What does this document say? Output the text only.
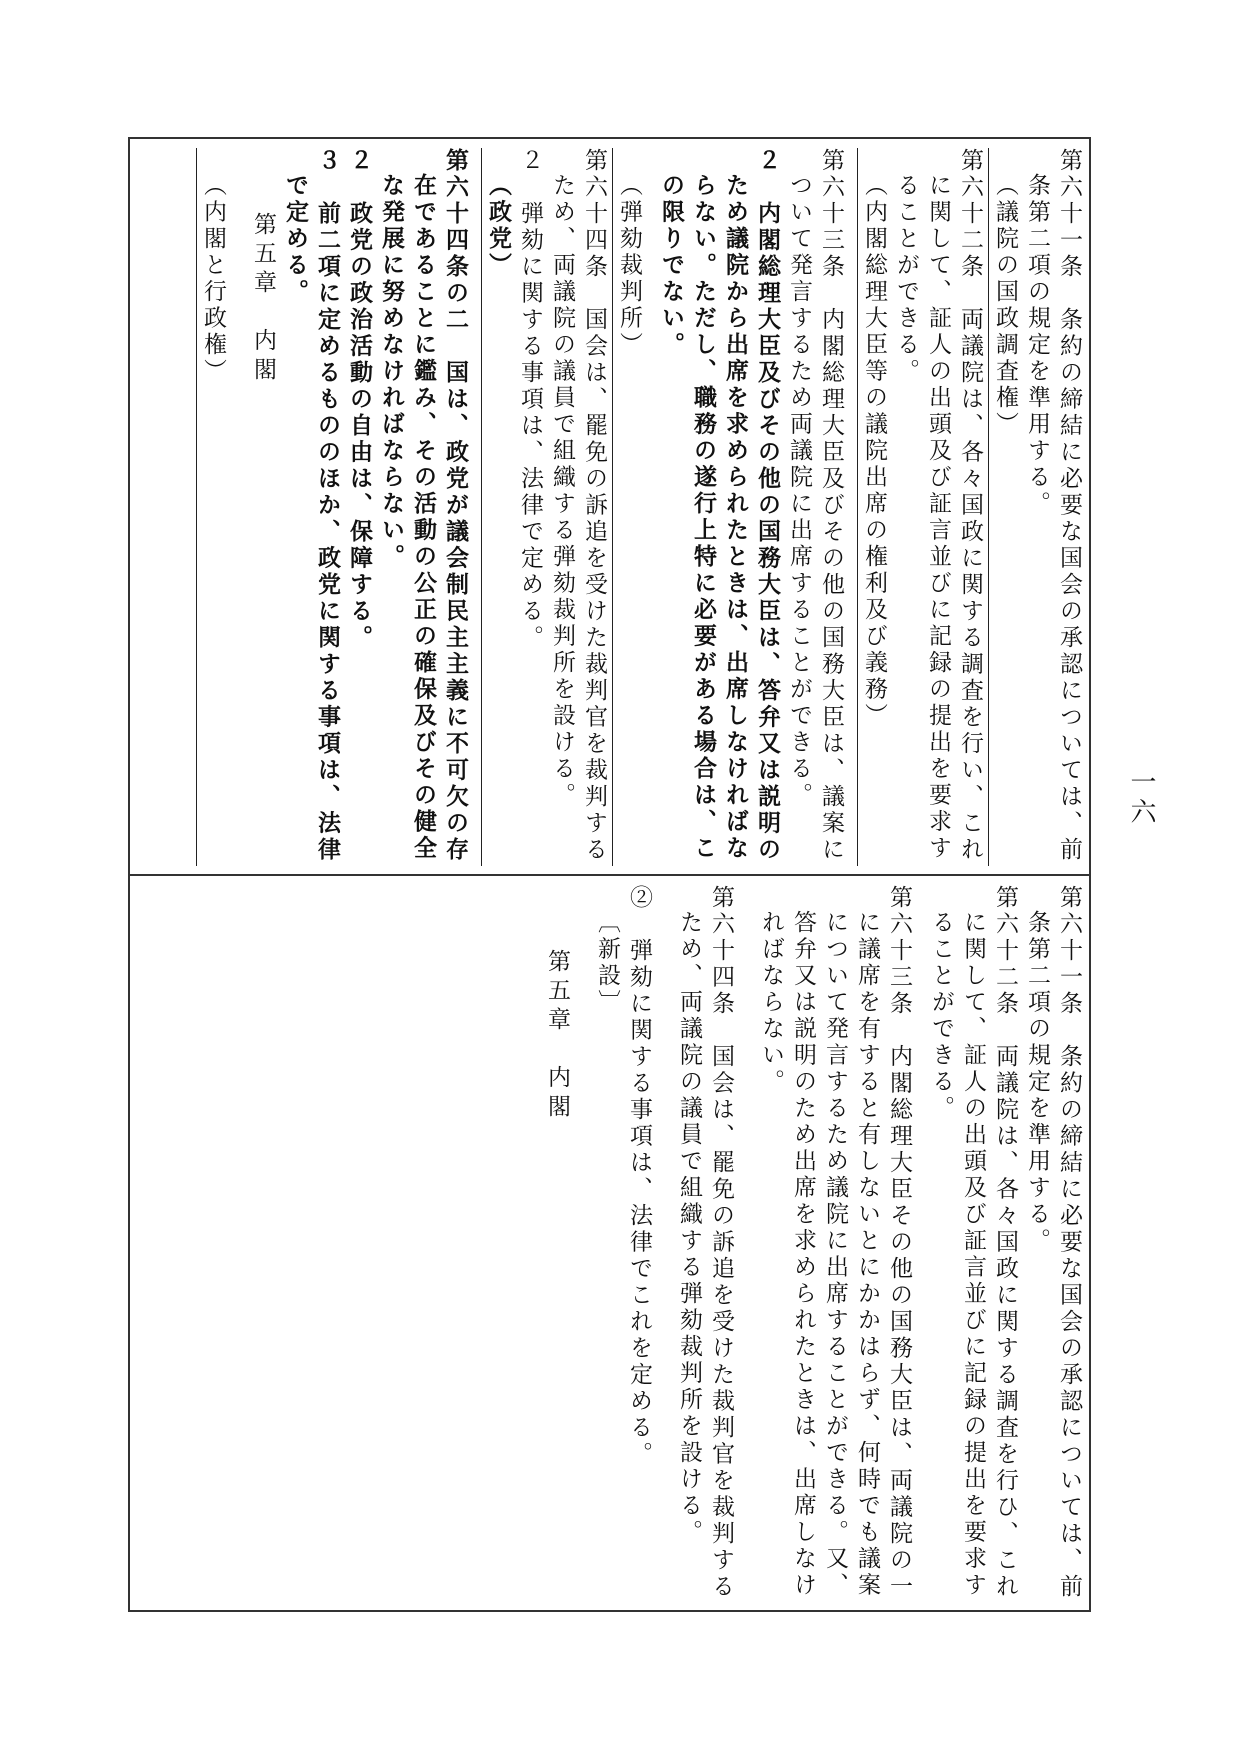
一六
第六十一条　条約の締結に必要な国会の承認については、前条第二項の規定を準用する。
（議院の国政調査権）
第六十二条　両議院は、各々国政に関する調査を行い、これに関して、証人の出頭及び証言並びに記録の提出を要求することができる。
（内閣総理大臣等の議院出席の権利及び義務）
第六十三条　内閣総理大臣及びその他の国務大臣は、議案について発言するため両議院に出席することができる。
２　内閣総理大臣及びその他の国務大臣は、答弁又は説明のため議院から出席を求められたときは、出席しなければならない。ただし、職務の遂行上特に必要がある場合は、この限りでない。
（弾劾裁判所）
第六十四条　国会は、罷免の訴追を受けた裁判官を裁判するため、両議院の議員で組織する弾劾裁判所を設ける。
２　弾劾に関する事項は、法律で定める。
（政党）
第六十四条の二　国は、政党が議会制民主主義に不可欠の存在であることに鑑み、その活動の公正の確保及びその健全な発展に努めなければならない。
２　政党の政治活動の自由は、保障する。
３　前二項に定めるもののほか、政党に関する事項は、法律で定める。
第五章　内閣
（内閣と行政権）
第六十一条　条約の締結に必要な国会の承認については、前条第二項の規定を準用する。
第六十二条　両議院は、各々国政に関する調査を行ひ、これに関して、証人の出頭及び証言並びに記録の提出を要求することができる。
第六十三条　内閣総理大臣その他の国務大臣は、両議院の一に議席を有すると有しないとにかかはらず、何時でも議案について発言するため議院に出席することができる。又、答弁又は説明のため出席を求められたときは、出席しなければならない。
第六十四条　国会は、罷免の訴追を受けた裁判官を裁判するため、両議院の議員で組織する弾劾裁判所を設ける。
②　弾劾に関する事項は、法律でこれを定める。
〔新設〕
第五章　内閣
